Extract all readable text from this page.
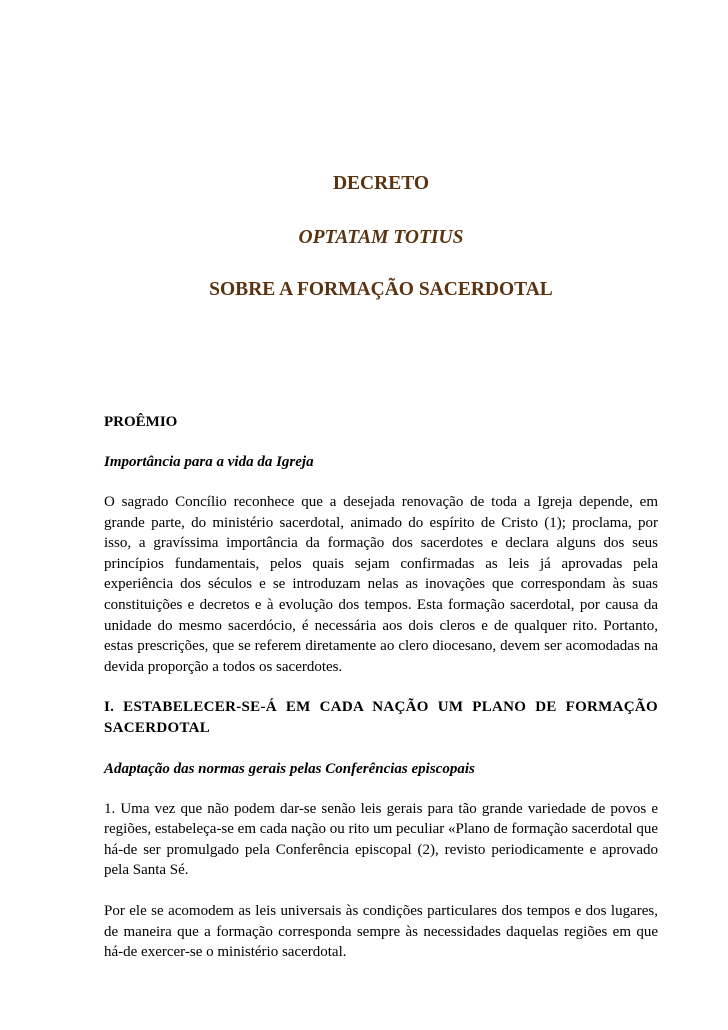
DECRETO
OPTATAM TOTIUS
SOBRE A FORMAÇÃO SACERDOTAL
PROÊMIO
Importância para a vida da Igreja

O sagrado Concílio reconhece que a desejada renovação de toda a Igreja depende, em grande parte, do ministério sacerdotal, animado do espírito de Cristo (1); proclama, por isso, a gravíssima importância da formação dos sacerdotes e declara alguns dos seus princípios fundamentais, pelos quais sejam confirmadas as leis já aprovadas pela experiência dos séculos e se introduzam nelas as inovações que correspondam às suas constituições e decretos e à evolução dos tempos. Esta formação sacerdotal, por causa da unidade do mesmo sacerdócio, é necessária aos dois cleros e de qualquer rito. Portanto, estas prescrições, que se referem diretamente ao clero diocesano, devem ser acomodadas na devida proporção a todos os sacerdotes.

I. ESTABELECER-SE-Á EM CADA NAÇÃO UM PLANO DE FORMAÇÃO SACERDOTAL
Adaptação das normas gerais pelas Conferências episcopais

1. Uma vez que não podem dar-se senão leis gerais para tão grande variedade de povos e regiões, estabeleça-se em cada nação ou rito um peculiar «Plano de formação sacerdotal que há-de ser promulgado pela Conferência episcopal (2), revisto periodicamente e aprovado pela Santa Sé.

Por ele se acomodem as leis universais às condições particulares dos tempos e dos lugares, de maneira que a formação corresponda sempre às necessidades daquelas regiões em que há-de exercer-se o ministério sacerdotal.
